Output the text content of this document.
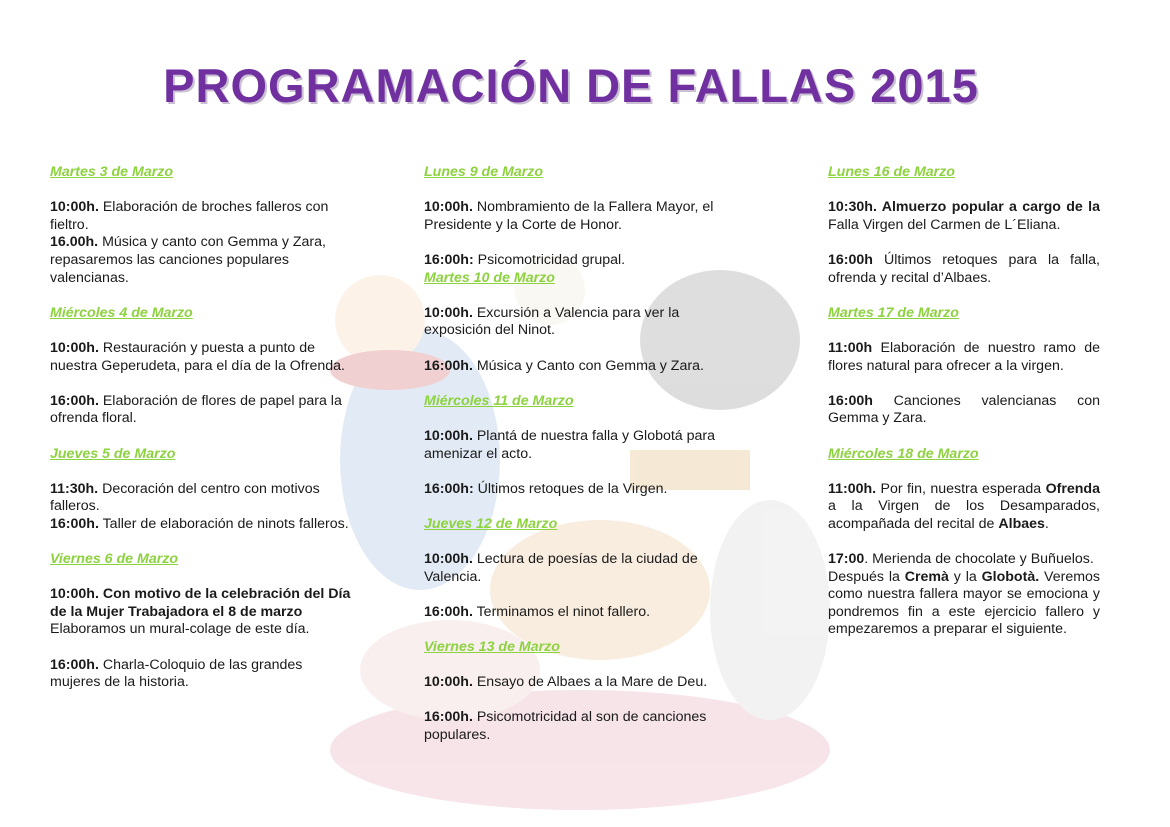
PROGRAMACIÓN DE FALLAS 2015
Martes 3 de Marzo

10:00h. Elaboración de broches falleros con fieltro.

16.00h. Música y canto con Gemma y Zara, repasaremos las canciones populares valencianas.

Miércoles 4 de Marzo

10:00h. Restauración y puesta a punto de nuestra Geperudeta, para el día de la Ofrenda.

16:00h. Elaboración de flores de papel para la ofrenda floral.

Jueves 5 de Marzo

11:30h. Decoración del centro con motivos falleros.

16:00h. Taller de elaboración de ninots falleros.

Viernes 6 de Marzo

10:00h. Con motivo de la celebración del Día de la Mujer Trabajadora el 8 de marzo Elaboramos un mural-colage de este día.

16:00h. Charla-Coloquio de las grandes mujeres de la historia.

Lunes 9 de Marzo

10:00h. Nombramiento de la Fallera Mayor, el Presidente y la Corte de Honor.

16:00h: Psicomotricidad grupal.

Martes 10 de Marzo

10:00h. Excursión a Valencia para ver la exposición del Ninot.

16:00h. Música y Canto con Gemma y Zara.

Miércoles 11 de Marzo

10:00h. Plantá de nuestra falla y Globotá para amenizar el acto.

16:00h: Últimos retoques de la Virgen.

Jueves 12 de Marzo

10:00h. Lectura de poesías de la ciudad de Valencia.

16:00h. Terminamos el ninot fallero.

Viernes 13 de Marzo

10:00h. Ensayo de Albaes a la Mare de Deu.

16:00h. Psicomotricidad al son de canciones populares.

Lunes 16 de Marzo

10:30h. Almuerzo popular a cargo de la Falla Virgen del Carmen de L´Eliana.

16:00h Últimos retoques para la falla, ofrenda y recital d’Albaes.

Martes 17 de Marzo

11:00h Elaboración de nuestro ramo de flores natural para ofrecer a la virgen.

16:00h Canciones valencianas con Gemma y Zara.

Miércoles 18 de Marzo

11:00h. Por fin, nuestra esperada Ofrenda a la Virgen de los Desamparados, acompañada del recital de Albaes.

17:00. Merienda de chocolate y Buñuelos.

Después la Cremà y la Globotà. Veremos como nuestra fallera mayor se emociona y pondremos fin a este ejercicio fallero y empezaremos a preparar el siguiente.
